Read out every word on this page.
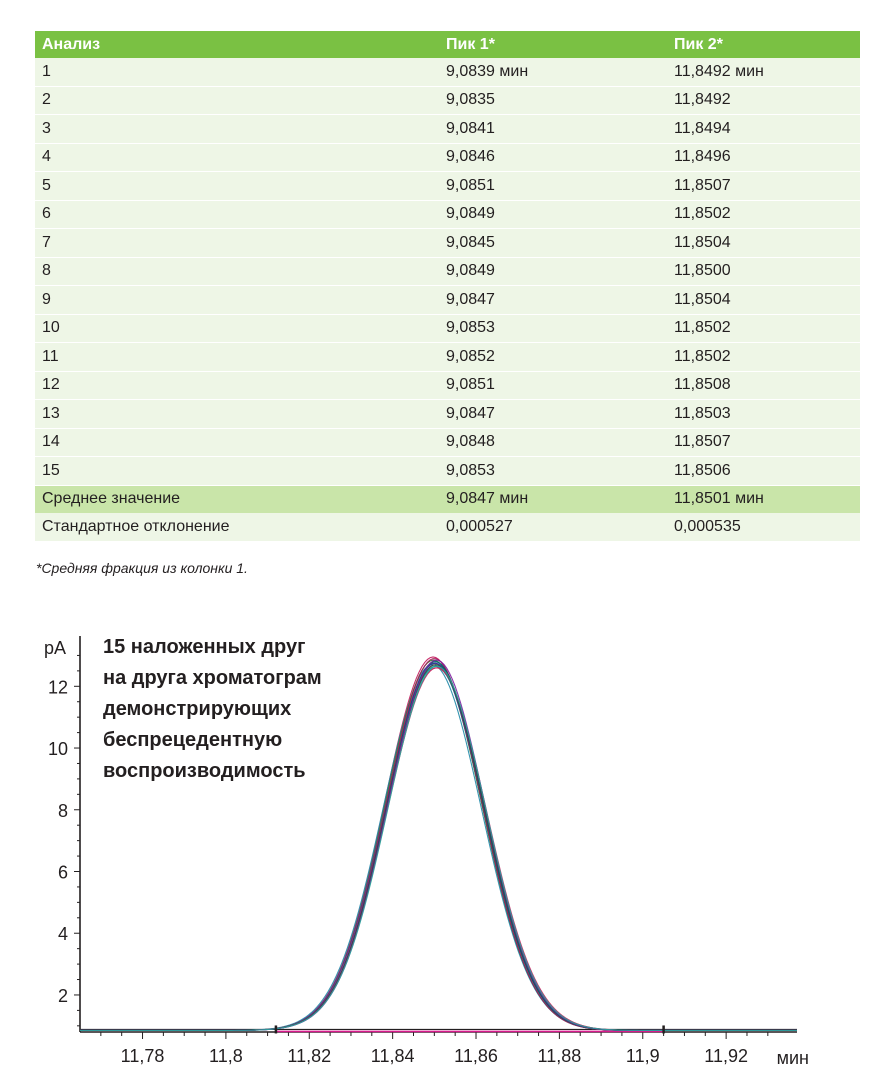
Анализ	Пик 1*	Пик 2*
1	9,0839 мин	11,8492 мин
2	9,0835	11,8492
3	9,0841	11,8494
4	9,0846	11,8496
5	9,0851	11,8507
6	9,0849	11,8502
7	9,0845	11,8504
8	9,0849	11,8500
9	9,0847	11,8504
10	9,0853	11,8502
11	9,0852	11,8502
12	9,0851	11,8508
13	9,0847	11,8503
14	9,0848	11,8507
15	9,0853	11,8506
Среднее значение	9,0847 мин	11,8501 мин
Стандартное отклонение	0,000527	0,000535
*Средняя фракция из колонки 1.
2
4
6
8
10
12
pA
11,78 11,8 11,82 11,84 11,86 11,88 11,9 11,92 мин
15 наложенных друг
на друга хроматограм
демонстрирующих
беспрецедентную
воспроизводимость
